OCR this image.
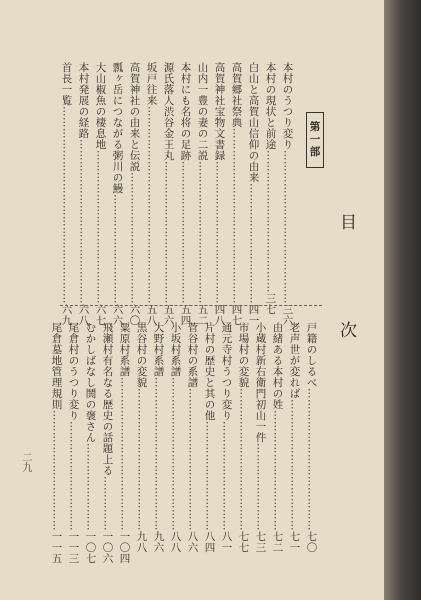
第一部
目
次
本村のうつり変り……………………………………三六
本村の現状と前途…………………………………三七
白山と高賀山信仰の由来……………………………四一
高賀郷社祭典…………………………………………四七
高賀神社宝物文書録…………………………………四八
山内一豊の妻の二説…………………………………五二
本村にも名将の足跡…………………………………五四
源氏落人渋谷金王丸…………………………………五六
坂戸往来………………………………………………五八
高賀神社の由来と伝説………………………………六〇
瓢ヶ岳につながる粥川の鰻…………………………六六
大山椒魚の棲息地……………………………………六七
本村発展の経路………………………………………六八
首長一覧………………………………………………六九
戸籍のしるべ…………………………………七〇
老声世が変れば………………………………七一
由緒ある本村の姓……………………………七二
小蔵村新右衛門初山一件……………………七三
市場村の変貌…………………………………七七
通元寺村うつり変り…………………………八一
片村の歴史と其の他…………………………八四
菅谷村の系譜…………………………………八六
小坂村系譜……………………………………八八
大野村系譜……………………………………九六
黒谷村の変貌…………………………………九八
粟原村系譜……………………………………一〇四
飛瀬村有名なる歴史の話題上る……………一〇六
むかしばなし鬨の褒さん……………………一〇七
尾倉村のうつり変り…………………………一一三
尾倉墓地管理規則……………………………一一五
二九
